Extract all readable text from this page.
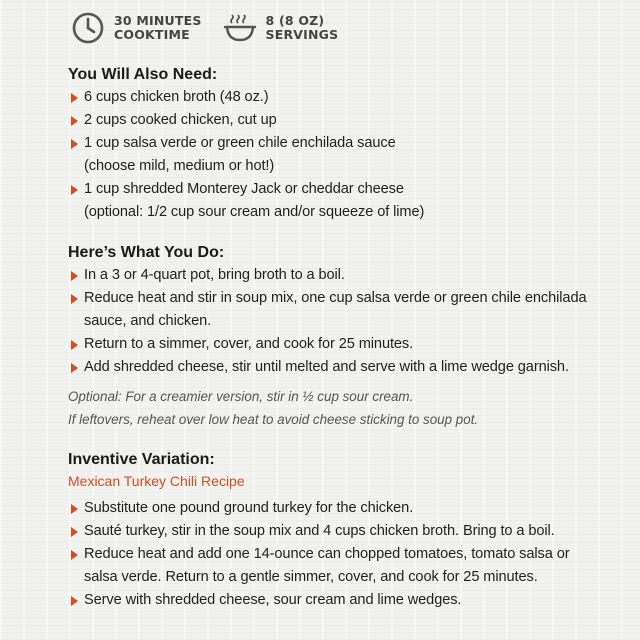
30 MINUTES
COOKTIME
8 (8 OZ)
SERVINGS
You Will Also Need:
6 cups chicken broth (48 oz.)
2 cups cooked chicken, cut up
1 cup salsa verde or green chile enchilada sauce
(choose mild, medium or hot!)
1 cup shredded Monterey Jack or cheddar cheese
(optional: 1/2 cup sour cream and/or squeeze of lime)
Here’s What You Do:
In a 3 or 4-quart pot, bring broth to a boil.
Reduce heat and stir in soup mix, one cup salsa verde or green chile enchilada
sauce, and chicken.
Return to a simmer, cover, and cook for 25 minutes.
Add shredded cheese, stir until melted and serve with a lime wedge garnish.
Optional: For a creamier version, stir in ½ cup sour cream.
If leftovers, reheat over low heat to avoid cheese sticking to soup pot.
Inventive Variation:

Mexican Turkey Chili Recipe

Substitute one pound ground turkey for the chicken.
Sauté turkey, stir in the soup mix and 4 cups chicken broth. Bring to a boil.
Reduce heat and add one 14-ounce can chopped tomatoes, tomato salsa or
salsa verde. Return to a gentle simmer, cover, and cook for 25 minutes.
Serve with shredded cheese, sour cream and lime wedges.
